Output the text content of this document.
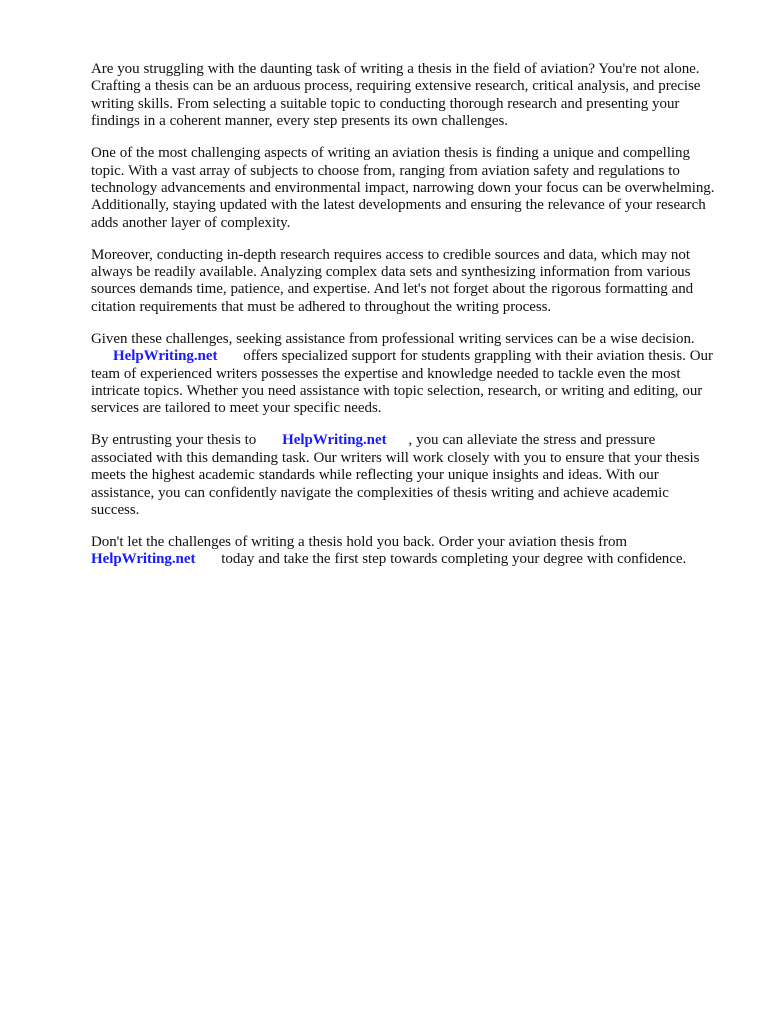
Are you struggling with the daunting task of writing a thesis in the field of aviation? You're not alone. Crafting a thesis can be an arduous process, requiring extensive research, critical analysis, and precise writing skills. From selecting a suitable topic to conducting thorough research and presenting your findings in a coherent manner, every step presents its own challenges.

One of the most challenging aspects of writing an aviation thesis is finding a unique and compelling topic. With a vast array of subjects to choose from, ranging from aviation safety and regulations to technology advancements and environmental impact, narrowing down your focus can be overwhelming. Additionally, staying updated with the latest developments and ensuring the relevance of your research adds another layer of complexity.

Moreover, conducting in-depth research requires access to credible sources and data, which may not always be readily available. Analyzing complex data sets and synthesizing information from various sources demands time, patience, and expertise. And let's not forget about the rigorous formatting and citation requirements that must be adhered to throughout the writing process.

Given these challenges, seeking assistance from professional writing services can be a wise decision. HelpWriting.net offers specialized support for students grappling with their aviation thesis. Our team of experienced writers possesses the expertise and knowledge needed to tackle even the most intricate topics. Whether you need assistance with topic selection, research, or writing and editing, our services are tailored to meet your specific needs.

By entrusting your thesis to HelpWriting.net , you can alleviate the stress and pressure associated with this demanding task. Our writers will work closely with you to ensure that your thesis meets the highest academic standards while reflecting your unique insights and ideas. With our assistance, you can confidently navigate the complexities of thesis writing and achieve academic success.

Don't let the challenges of writing a thesis hold you back. Order your aviation thesis from HelpWriting.net today and take the first step towards completing your degree with confidence.
